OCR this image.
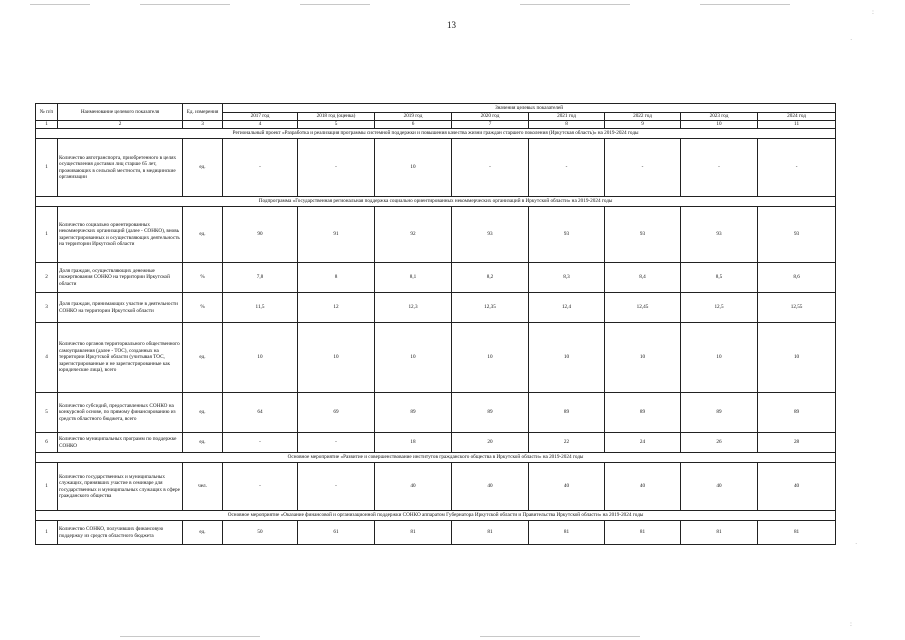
13
:
·
·
:
№ п/п	Наименование целевого показателя	Ед. измерения	Значения целевых показателей							
			2017 год	2018 год (оценка)	2019 год	2020 год	2021 год	2022 год	2023 год	2024 год
1	2	3	4	5	6	7	8	9	10	11
Региональный проект «Разработка и реализация программы системной поддержки и повышения качества жизни граждан старшего поколения (Иркутская область)» на 2019-2024 годы										
1	Количество автотранспорта, приобретенного в целях осуществления доставки лиц старше 65 лет, проживающих в сельской местности, в медицинские организации	ед.	-	-	10	-	-	-	-	-
Подпрограмма «Государственная региональная поддержка социально ориентированных некоммерческих организаций в Иркутской области» на 2019-2024 годы										
1	Количество социально ориентированных некоммерческих организаций (далее - СОНКО), вновь зарегистрированных и осуществляющих деятельность на территории Иркутской области	ед.	90	91	92	93	93	93	93	93
2	Доля граждан, осуществляющих денежные пожертвования СОНКО на территории Иркутской области	%	7,8	8	8,1	8,2	8,3	8,4	8,5	8,6
3	Доля граждан, принимающих участие в деятельности СОНКО на территории Иркутской области	%	11,5	12	12,3	12,35	12,4	12,45	12,5	12,55
4	Количество органов территориального общественного самоуправления (далее - ТОС), созданных на территории Иркутской области (учитывая ТОС, зарегистрированные и не зарегистрированные как юридические лица), всего	ед.	10	10	10	10	10	10	10	10
5	Количество субсидий, предоставленных СОНКО на конкурсной основе, по прямому финансированию из средств областного бюджета, всего	ед.	64	69	89	89	89	89	89	89
6	Количество муниципальных программ по поддержке СОНКО	ед.	-	-	18	20	22	24	26	28
Основное мероприятие «Развитие и совершенствование институтов гражданского общества в Иркутской области» на 2019-2024 годы										
1	Количество государственных и муниципальных служащих, принявших участие в семинаре для государственных и муниципальных служащих в сфере гражданского общества	чел.	-	-	40	40	40	40	40	40
Основное мероприятие «Оказание финансовой и организационной поддержки СОНКО аппаратом Губернатора Иркутской области и Правительства Иркутской области» на 2019-2024 годы										
1	Количество СОНКО, получивших финансовую поддержку из средств областного бюджета	ед.	50	61	81	81	81	81	81	81
